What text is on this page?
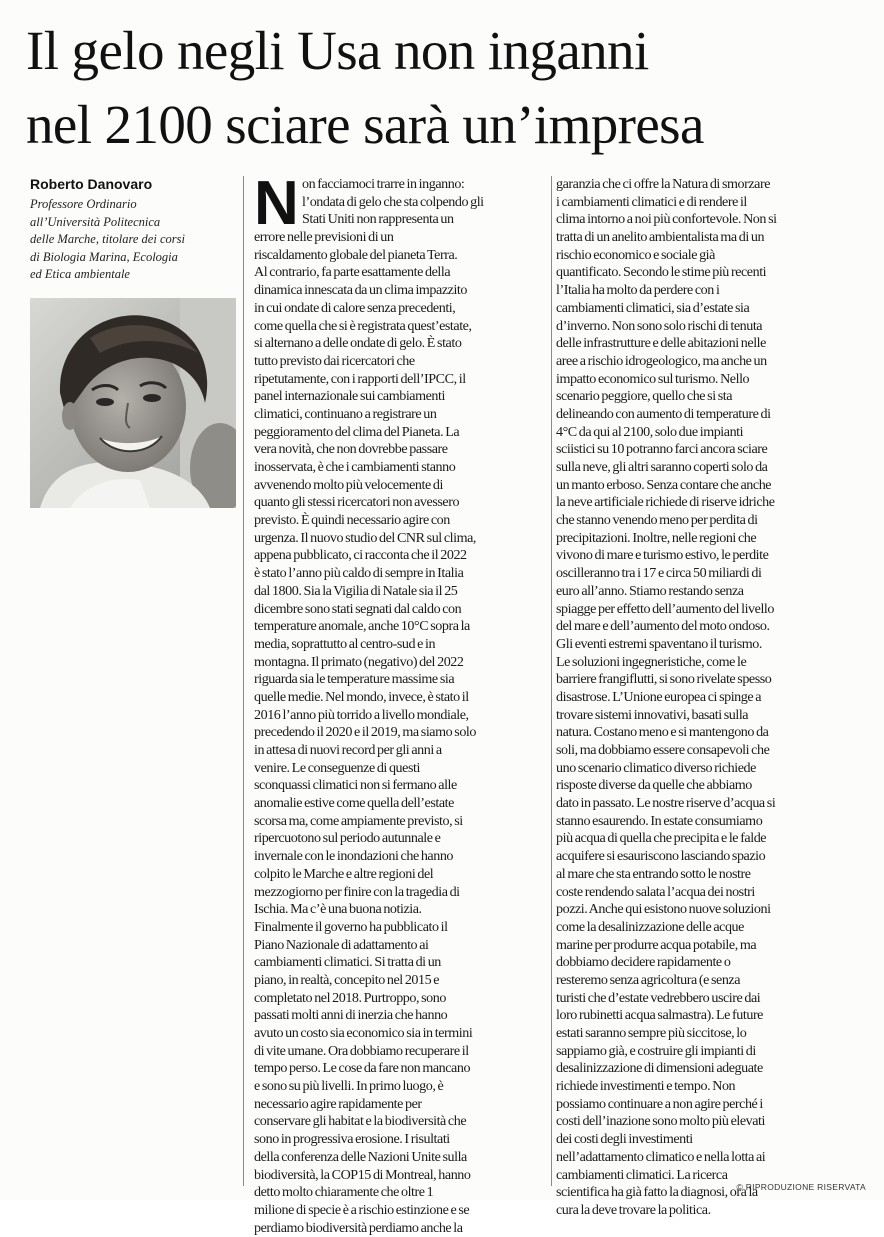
Il gelo negli Usa non inganni
nel 2100 sciare sarà un’impresa
Roberto Danovaro
Professore Ordinario
all’Università Politecnica
delle Marche, titolare dei corsi
di Biologia Marina, Ecologia
ed Etica ambientale
N on facciamoci trarre in inganno:
l’ondata di gelo che sta colpendo gli
Stati Uniti non rappresenta un
errore nelle previsioni di un
riscaldamento globale del pianeta Terra.
Al contrario, fa parte esattamente della
dinamica innescata da un clima impazzito
in cui ondate di calore senza precedenti,
come quella che si è registrata quest’estate,
si alternano a delle ondate di gelo. È stato
tutto previsto dai ricercatori che
ripetutamente, con i rapporti dell’IPCC, il
panel internazionale sui cambiamenti
climatici, continuano a registrare un
peggioramento del clima del Pianeta. La
vera novità, che non dovrebbe passare
inosservata, è che i cambiamenti stanno
avvenendo molto più velocemente di
quanto gli stessi ricercatori non avessero
previsto. È quindi necessario agire con
urgenza. Il nuovo studio del CNR sul clima,
appena pubblicato, ci racconta che il 2022
è stato l’anno più caldo di sempre in Italia
dal 1800. Sia la Vigilia di Natale sia il 25
dicembre sono stati segnati dal caldo con
temperature anomale, anche 10°C sopra la
media, soprattutto al centro-sud e in
montagna. Il primato (negativo) del 2022
riguarda sia le temperature massime sia
quelle medie. Nel mondo, invece, è stato il
2016 l’anno più torrido a livello mondiale,
precedendo il 2020 e il 2019, ma siamo solo
in attesa di nuovi record per gli anni a
venire. Le conseguenze di questi
sconquassi climatici non si fermano alle
anomalie estive come quella dell’estate
scorsa ma, come ampiamente previsto, si
ripercuotono sul periodo autunnale e
invernale con le inondazioni che hanno
colpito le Marche e altre regioni del
mezzogiorno per finire con la tragedia di
Ischia. Ma c’è una buona notizia.
Finalmente il governo ha pubblicato il
Piano Nazionale di adattamento ai
cambiamenti climatici. Si tratta di un
piano, in realtà, concepito nel 2015 e
completato nel 2018. Purtroppo, sono
passati molti anni di inerzia che hanno
avuto un costo sia economico sia in termini
di vite umane. Ora dobbiamo recuperare il
tempo perso. Le cose da fare non mancano
e sono su più livelli. In primo luogo, è
necessario agire rapidamente per
conservare gli habitat e la biodiversità che
sono in progressiva erosione. I risultati
della conferenza delle Nazioni Unite sulla
biodiversità, la COP15 di Montreal, hanno
detto molto chiaramente che oltre 1
milione di specie è a rischio estinzione e se
perdiamo biodiversità perdiamo anche la
garanzia che ci offre la Natura di smorzare
i cambiamenti climatici e di rendere il
clima intorno a noi più confortevole. Non si
tratta di un anelito ambientalista ma di un
rischio economico e sociale già
quantificato. Secondo le stime più recenti
l’Italia ha molto da perdere con i
cambiamenti climatici, sia d’estate sia
d’inverno. Non sono solo rischi di tenuta
delle infrastrutture e delle abitazioni nelle
aree a rischio idrogeologico, ma anche un
impatto economico sul turismo. Nello
scenario peggiore, quello che si sta
delineando con aumento di temperature di
4°C da qui al 2100, solo due impianti
sciistici su 10 potranno farci ancora sciare
sulla neve, gli altri saranno coperti solo da
un manto erboso. Senza contare che anche
la neve artificiale richiede di riserve idriche
che stanno venendo meno per perdita di
precipitazioni. Inoltre, nelle regioni che
vivono di mare e turismo estivo, le perdite
oscilleranno tra i 17 e circa 50 miliardi di
euro all’anno. Stiamo restando senza
spiagge per effetto dell’aumento del livello
del mare e dell’aumento del moto ondoso.
Gli eventi estremi spaventano il turismo.
Le soluzioni ingegneristiche, come le
barriere frangiflutti, si sono rivelate spesso
disastrose. L’Unione europea ci spinge a
trovare sistemi innovativi, basati sulla
natura. Costano meno e si mantengono da
soli, ma dobbiamo essere consapevoli che
uno scenario climatico diverso richiede
risposte diverse da quelle che abbiamo
dato in passato. Le nostre riserve d’acqua si
stanno esaurendo. In estate consumiamo
più acqua di quella che precipita e le falde
acquifere si esauriscono lasciando spazio
al mare che sta entrando sotto le nostre
coste rendendo salata l’acqua dei nostri
pozzi. Anche qui esistono nuove soluzioni
come la desalinizzazione delle acque
marine per produrre acqua potabile, ma
dobbiamo decidere rapidamente o
resteremo senza agricoltura (e senza
turisti che d’estate vedrebbero uscire dai
loro rubinetti acqua salmastra). Le future
estati saranno sempre più siccitose, lo
sappiamo già, e costruire gli impianti di
desalinizzazione di dimensioni adeguate
richiede investimenti e tempo. Non
possiamo continuare a non agire perché i
costi dell’inazione sono molto più elevati
dei costi degli investimenti
nell’adattamento climatico e nella lotta ai
cambiamenti climatici. La ricerca
scientifica ha già fatto la diagnosi, ora la
cura la deve trovare la politica.
© RIPRODUZIONE RISERVATA
